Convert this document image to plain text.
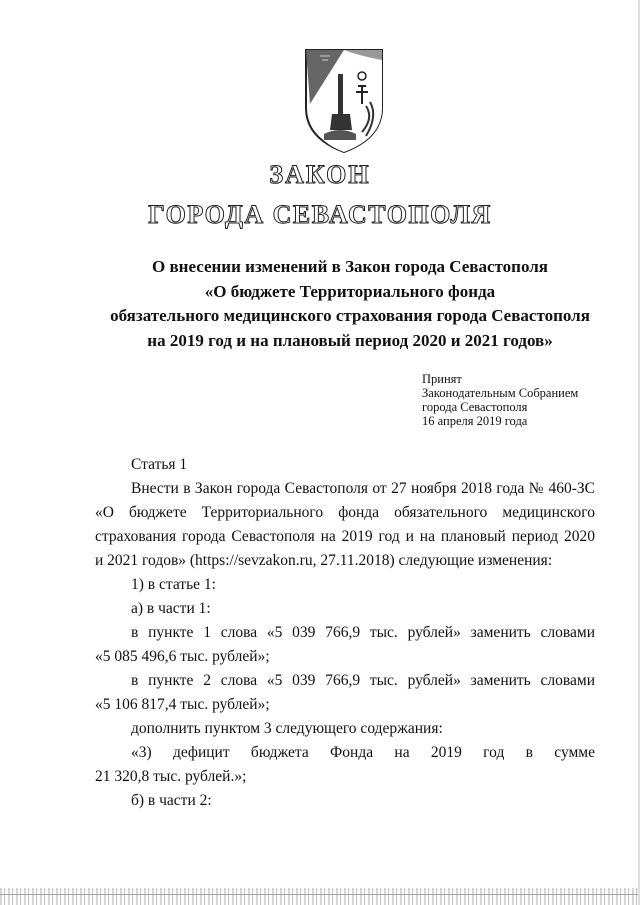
ЗАКОН
ГОРОДА СЕВАСТОПОЛЯ
О внесении изменений в Закон города Севастополя
«О бюджете Территориального фонда
обязательного медицинского страхования города Севастополя
на 2019 год и на плановый период 2020 и 2021 годов»
Принят
Законодательным Собранием
города Севастополя
16 апреля 2019 года
Статья 1
Внести в Закон города Севастополя от 27 ноября 2018 года № 460-ЗС
«О бюджете Территориального фонда обязательного медицинского
страхования города Севастополя на 2019 год и на плановый период 2020
и 2021 годов» (https://sevzakon.ru, 27.11.2018) следующие изменения:
1) в статье 1:
а) в части 1:
в пункте 1 слова «5 039 766,9 тыс. рублей» заменить словами
«5 085 496,6 тыс. рублей»;
в пункте 2 слова «5 039 766,9 тыс. рублей» заменить словами
«5 106 817,4 тыс. рублей»;
дополнить пунктом 3 следующего содержания:
«3) дефицит бюджета Фонда на 2019 год в сумме
21 320,8 тыс. рублей.»;
б) в части 2:
